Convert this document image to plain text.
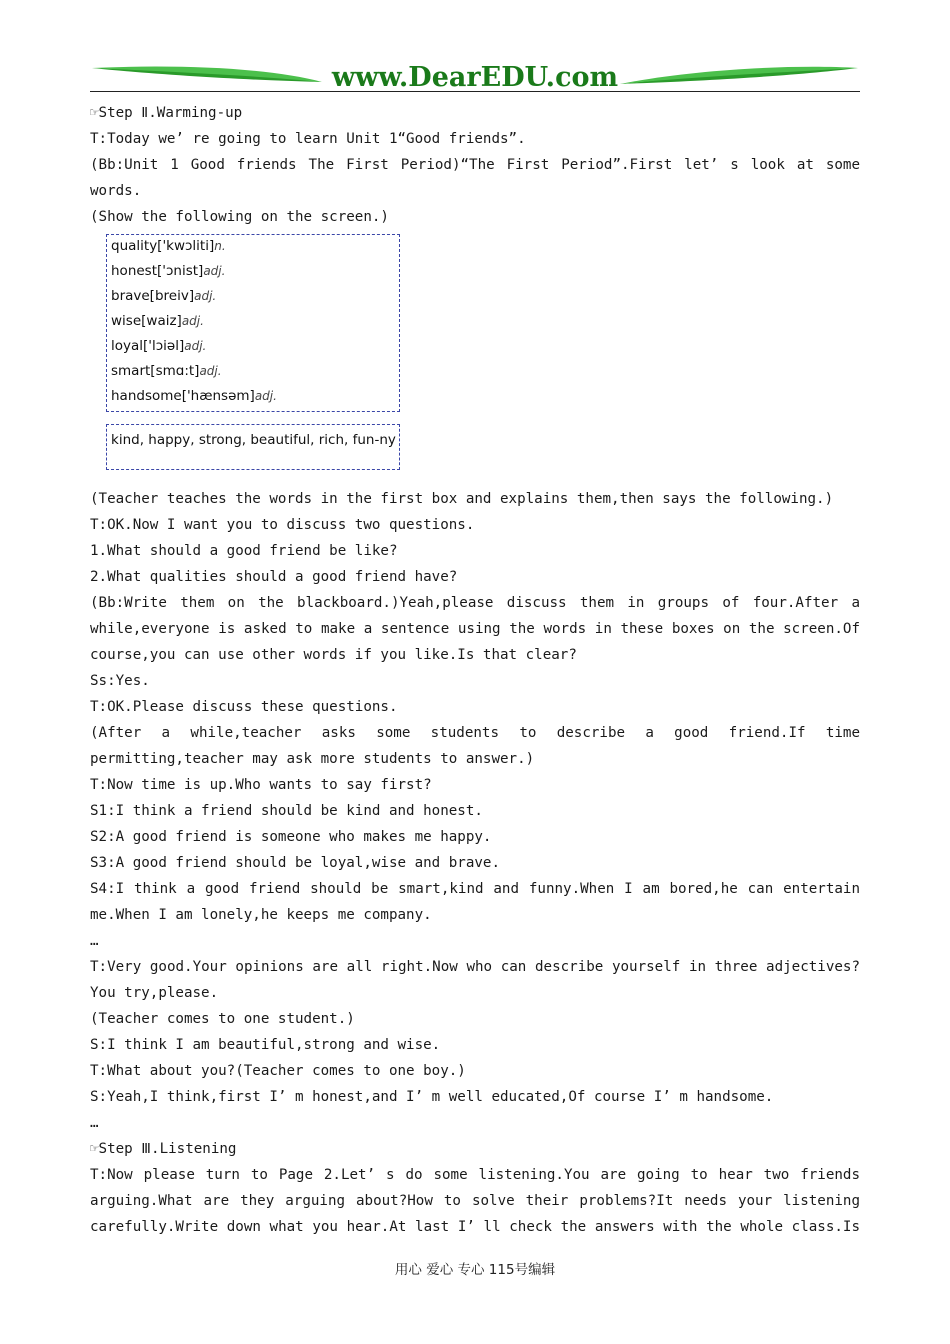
www.DearEDU.com
☞Step Ⅱ.Warming-up
T:Today we’ re going to learn Unit 1“Good friends”.
(Bb:Unit 1 Good friends The First Period)“The First Period”.First let’ s look at some
words.
(Show the following on the screen.)
quality['kwɔliti]n.
honest['ɔnist]adj.
brave[breiv]adj.
wise[waiz]adj.
loyal['lɔiəl]adj.
smart[smɑ:t]adj.
handsome['hænsəm]adj.
kind, happy, strong, beautiful, rich, fun-ny
(Teacher teaches the words in the first box and explains them,then says the following.)
T:OK.Now I want you to discuss two questions.
1.What should a good friend be like?
2.What qualities should a good friend have?
(Bb:Write them on the blackboard.)Yeah,please discuss them in groups of four.After a
while,everyone is asked to make a sentence using the words in these boxes on the screen.Of
course,you can use other words if you like.Is that clear?
Ss:Yes.
T:OK.Please discuss these questions.
(After a while,teacher asks some students to describe a good friend.If time
permitting,teacher may ask more students to answer.)
T:Now time is up.Who wants to say first?
S1:I think a friend should be kind and honest.
S2:A good friend is someone who makes me happy.
S3:A good friend should be loyal,wise and brave.
S4:I think a good friend should be smart,kind and funny.When I am bored,he can entertain
me.When I am lonely,he keeps me company.
…
T:Very good.Your opinions are all right.Now who can describe yourself in three adjectives?
You try,please.
(Teacher comes to one student.)
S:I think I am beautiful,strong and wise.
T:What about you?(Teacher comes to one boy.)
S:Yeah,I think,first I’ m honest,and I’ m well educated,Of course I’ m handsome.
…
☞Step Ⅲ.Listening
T:Now please turn to Page 2.Let’ s do some listening.You are going to hear two friends
arguing.What are they arguing about?How to solve their problems?It needs your listening
carefully.Write down what you hear.At last I’ ll check the answers with the whole class.Is
用心 爱心 专心 115号编辑
